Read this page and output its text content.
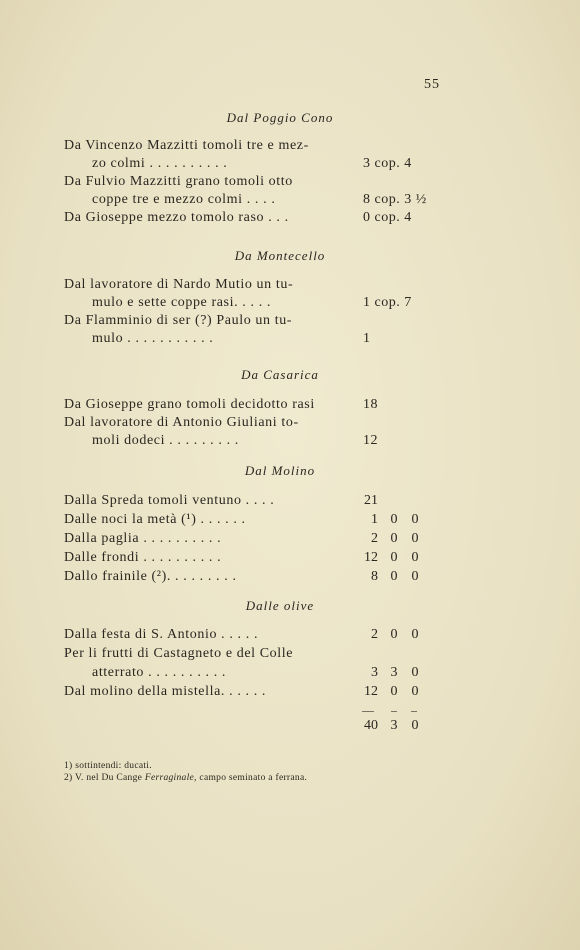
55
Dal Poggio Cono
Da Vincenzo Mazzitti tomoli tre e mez-
zo colmi . . . . . . . . . .	3 cop. 4
Da Fulvio Mazzitti grano tomoli otto
coppe tre e mezzo colmi . . . .	8 cop. 3 ½
Da Gioseppe mezzo tomolo raso . . .	0 cop. 4
Da Montecello
Dal lavoratore di Nardo Mutio un tu-
mulo e sette coppe rasi. . . . .	1 cop. 7
Da Flamminio di ser (?) Paulo un tu-
mulo . . . . . . . . . . .	1
Da Casarica
Da Gioseppe grano tomoli decidotto rasi	18
Dal lavoratore di Antonio Giuliani to-
moli dodeci . . . . . . . . .	12
Dal Molino
Dalla Spreda tomoli ventuno . . . .	21
Dalle noci la metà (¹) . . . . . .	1 0	0
Dalla paglia . . . . . . . . . .	2 0	0
Dalle frondi . . . . . . . . . .	12 0	0
Dallo frainile (²). . . . . . . . .	8 0	0
Dalle olive
Dalla festa di S. Antonio . . . . .	2 0	0
Per li frutti di Castagneto e del Colle
atterrato . . . . . . . . . .	3 3	0
Dal molino della mistella. . . . . .	12 0	0
— – –
40 3	0
1) sottintendi: ducati.
2) V. nel Du Cange Ferraginale, campo seminato a ferrana.
